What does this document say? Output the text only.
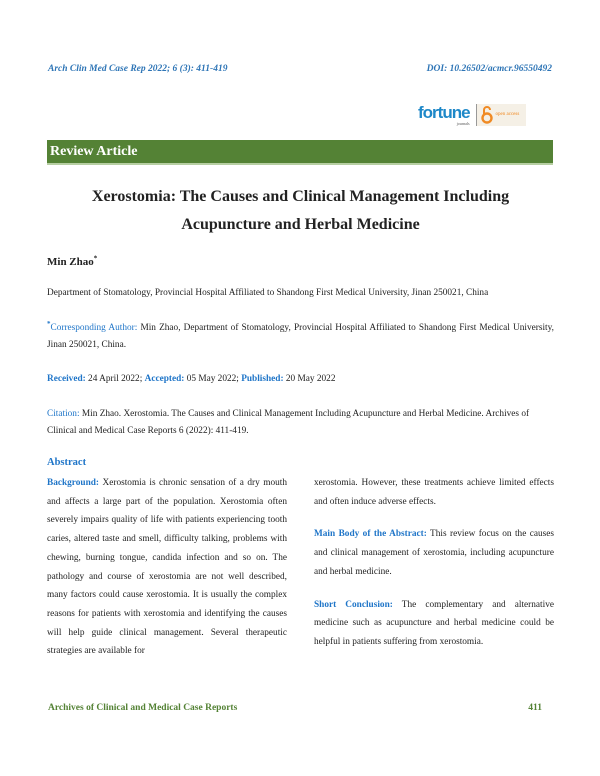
Arch Clin Med Case Rep 2022; 6 (3): 411-419	DOI: 10.26502/acmcr.96550492
fortune
journals
open access
Review Article
Xerostomia: The Causes and Clinical Management Including
Acupuncture and Herbal Medicine
Min Zhao*
Department of Stomatology, Provincial Hospital Affiliated to Shandong First Medical University, Jinan 250021, China
*Corresponding Author: Min Zhao, Department of Stomatology, Provincial Hospital Affiliated to Shandong First Medical University, Jinan 250021, China.
Received: 24 April 2022; Accepted: 05 May 2022; Published: 20 May 2022
Citation: Min Zhao. Xerostomia. The Causes and Clinical Management Including Acupuncture and Herbal Medicine. Archives of Clinical and Medical Case Reports 6 (2022): 411-419.
Abstract
Background: Xerostomia is chronic sensation of a dry mouth and affects a large part of the population. Xerostomia often severely impairs quality of life with patients experiencing tooth caries, altered taste and smell, difficulty talking, problems with chewing, burning tongue, candida infection and so on. The pathology and course of xerostomia are not well described, many factors could cause xerostomia. It is usually the complex reasons for patients with xerostomia and identifying the causes will help guide clinical management. Several therapeutic strategies are available for
xerostomia. However, these treatments achieve limited effects and often induce adverse effects.
Main Body of the Abstract: This review focus on the causes and clinical management of xerostomia, including acupuncture and herbal medicine.
Short Conclusion: The complementary and alternative medicine such as acupuncture and herbal medicine could be helpful in patients suffering from xerostomia.
Archives of Clinical and Medical Case Reports	411
